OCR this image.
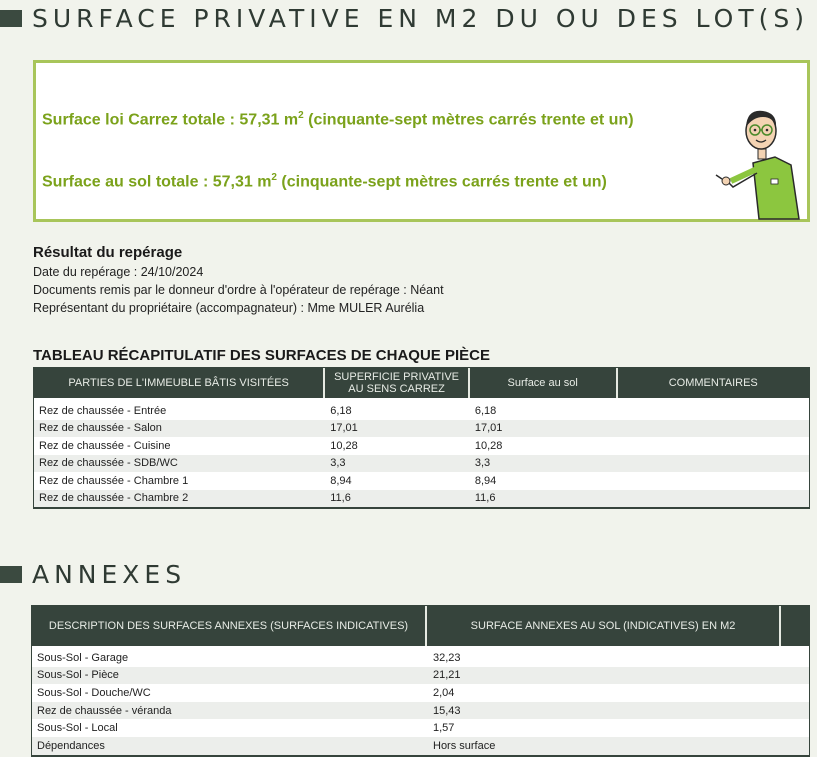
SURFACE PRIVATIVE EN M2 DU OU DES LOT(S)
Surface loi Carrez totale : 57,31 $m^2$ (cinquante-sept mètres carrés trente et un)
Surface au sol totale : 57,31 $m^2$ (cinquante-sept mètres carrés trente et un)
Résultat du repérage
Date du repérage : 24/10/2024
Documents remis par le donneur d'ordre à l'opérateur de repérage : Néant
Représentant du propriétaire (accompagnateur) : Mme MULER Aurélia
TABLEAU RÉCAPITULATIF DES SURFACES DE CHAQUE PIÈCE
PARTIES DE L'IMMEUBLE BÂTIS VISITÉES	SUPERFICIE PRIVATIVE AU SENS CARREZ	Surface au sol	COMMENTAIRES
Rez de chaussée - Entrée	6,18	6,18
Rez de chaussée - Salon	17,01	17,01
Rez de chaussée - Cuisine	10,28	10,28
Rez de chaussée - SDB/WC	3,3	3,3
Rez de chaussée - Chambre 1	8,94	8,94
Rez de chaussée - Chambre 2	11,6	11,6
ANNEXES
DESCRIPTION DES SURFACES ANNEXES (SURFACES INDICATIVES)	SURFACE ANNEXES AU SOL (INDICATIVES) EN M2
Sous-Sol - Garage	32,23
Sous-Sol - Pièce	21,21
Sous-Sol - Douche/WC	2,04
Rez de chaussée - véranda	15,43
Sous-Sol - Local	1,57
Dépendances	Hors surface
